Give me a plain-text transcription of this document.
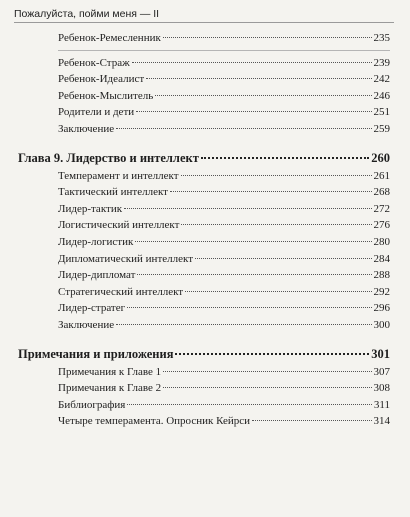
Пожалуйста, пойми меня — II
Ребенок-Ремесленник	235
Ребенок-Страж	239
Ребенок-Идеалист	242
Ребенок-Мыслитель	246
Родители и дети	251
Заключение	259
Глава 9. Лидерство и интеллект	260
Темперамент и интеллект	261
Тактический интеллект	268
Лидер-тактик	272
Логистический интеллект	276
Лидер-логистик	280
Дипломатический интеллект	284
Лидер-дипломат	288
Стратегический интеллект	292
Лидер-стратег	296
Заключение	300
Примечания и приложения	301
Примечания к Главе 1	307
Примечания к Главе 2	308
Библиография	311
Четыре темперамента. Опросник Кейрси	314
